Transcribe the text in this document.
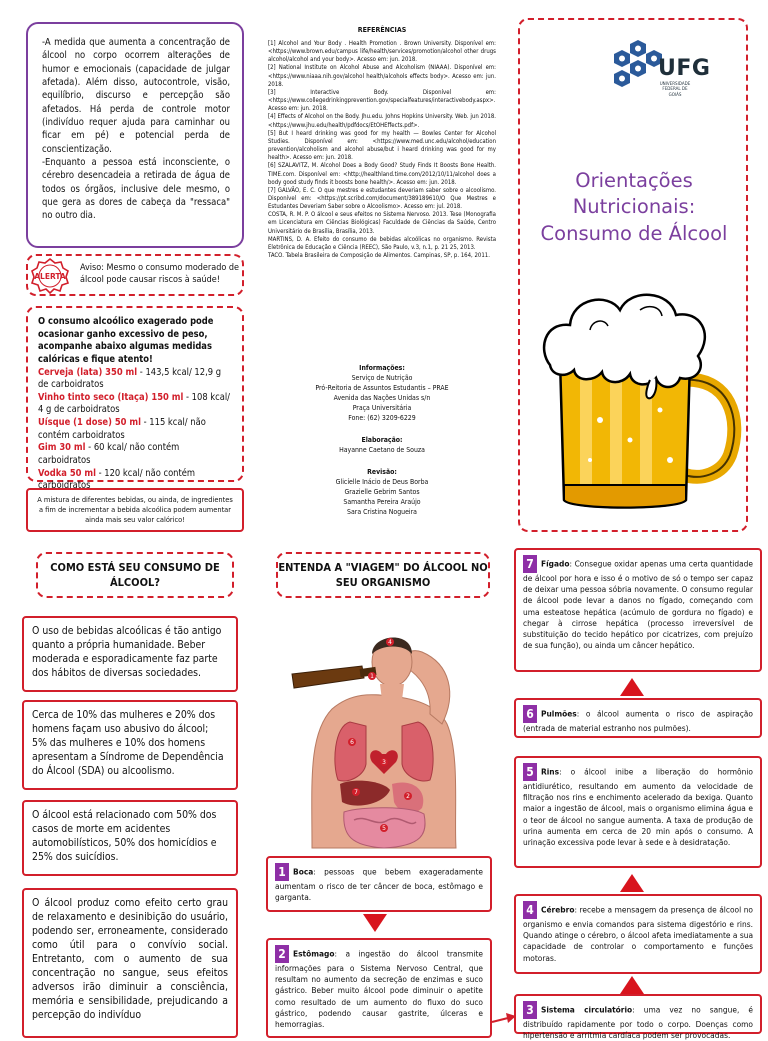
-A medida que aumenta a concentração de álcool no corpo ocorrem alterações de humor e emocionais (capacidade de julgar afetada). Além disso, autocontrole, visão, equilíbrio, discurso e percepção são afetados. Há perda de controle motor (indivíduo requer ajuda para caminhar ou ficar em pé) e potencial perda de conscientização.

-Enquanto a pessoa está inconsciente, o cérebro desencadeia a retirada de água de todos os órgãos, inclusive dele mesmo, o que gera as dores de cabeça da "ressaca" no outro dia.

ALERTA
Aviso: Mesmo o consumo moderado de álcool pode causar riscos à saúde!
O consumo alcoólico exagerado pode ocasionar ganho excessivo de peso, acompanhe abaixo algumas medidas calóricas e fique atento!
Cerveja (lata) 350 ml - 143,5 kcal/ 12,9 g de carboidratos
Vinho tinto seco (Itaça) 150 ml - 108 kcal/ 4 g de carboidratos
Uísque (1 dose) 50 ml - 115 kcal/ não contém carboidratos
Gim 30 ml - 60 kcal/ não contém carboidratos
Vodka 50 ml - 120 kcal/ não contém carboidratos
A mistura de diferentes bebidas, ou ainda, de ingredientes a fim de incrementar a bebida alcoólica podem aumentar ainda mais seu valor calórico!
REFERÊNCIAS

[1] Alcohol and Your Body . Health Promotion . Brown University. Disponível em: <https://www.brown.edu/campus life/health/services/promotion/alcohol other drugs alcohol/alcohol and your body>. Acesso em: jun. 2018.

[2] National Institute on Alcohol Abuse and Alcoholism (NIAAA). Disponível em: <https://www.niaaa.nih.gov/alcohol health/alcohols effects body>. Acesso em: jun. 2018.

[3] Interactive Body. Disponível em: <https://www.collegedrinkingprevention.gov/specialfeatures/interactivebody.aspx>. Acesso em: jun. 2018.

[4] Effects of Alcohol on the Body. Jhu.edu. Johns Hopkins University. Web. jun 2018. <https://www.jhu.edu/health/pdfdocs/EtOHEffects.pdf>.

[5] But I heard drinking was good for my health — Bowles Center for Alcohol Studies. Disponível em: <https://www.med.unc.edu/alcohol/education prevention/alcoholism and alcohol abuse/but i heard drinking was good for my health>. Acesso em: jun. 2018.

[6] SZALAVITZ, M. Alcohol Does a Body Good? Study Finds It Boosts Bone Health. TIME.com. Disponível em: <http://healthland.time.com/2012/10/11/alcohol does a body good study finds it boosts bone health/>. Acesso em: jun. 2018.

[7] GALVÃO, E. C. O que mestres e estudantes deveriam saber sobre o alcoolismo. Disponível em: <https://pt.scribd.com/document/389189610/O Que Mestres e Estudantes Deveriam Saber sobre o Alcoolismo>. Acesso em: jul. 2018.

COSTA, R. M. P. O álcool e seus efeitos no Sistema Nervoso. 2013. Tese (Monografia em Licenciatura em Ciências Biológicas) Faculdade de Ciências da Saúde, Centro Universitário de Brasília, Brasília, 2013.

MARTINS, D. A. Efeito do consumo de bebidas alcoólicas no organismo. Revista Eletrônica de Educação e Ciência (REEC), São Paulo, v.3, n.1, p. 21 25, 2013.

TACO. Tabela Brasileira de Composição de Alimentos. Campinas, SP, p. 164, 2011.

Informações:
Serviço de Nutrição
Pró-Reitoria de Assuntos Estudantis – PRAE
Avenida das Nações Unidas s/n
Praça Universitária
Fone: (62) 3209-6229
Elaboração:
Hayanne Caetano de Souza
Revisão:
Glicíelle Inácio de Deus Borba
Grazielle Gebrim Santos
Samantha Pereira Araújo
Sara Cristina Nogueira
UFG
UNIVERSIDADE FEDERAL DE GOIÁS
Orientações
Nutricionais:
Consumo de Álcool
COMO ESTÁ SEU CONSUMO DE ÁLCOOL?
O uso de bebidas alcoólicas é tão antigo quanto a própria humanidade. Beber moderada e esporadicamente faz parte dos hábitos de diversas sociedades.
Cerca de 10% das mulheres e 20% dos homens façam uso abusivo do álcool;
5% das mulheres e 10% dos homens apresentam a Síndrome de Dependência do Álcool (SDA) ou alcoolismo.
O álcool está relacionado com 50% dos casos de morte em acidentes automobilísticos, 50% dos homicídios e 25% dos suicídios.
O álcool produz como efeito certo grau de relaxamento e desinibição do usuário, podendo ser, erroneamente, considerado como útil para o convívio social. Entretanto, com o aumento de sua concentração no sangue, seus efeitos adversos irão diminuir a consciência, memória e sensibilidade, prejudicando a percepção do indivíduo
ENTENDA A "VIAGEM" DO ÁLCOOL NO SEU ORGANISMO
1
4
6
3
7
2
5
1 Boca: pessoas que bebem exageradamente aumentam o risco de ter câncer de boca, estômago e garganta.
2 Estômago: a ingestão do álcool transmite informações para o Sistema Nervoso Central, que resultam no aumento da secreção de enzimas e suco gástrico. Beber muito álcool pode diminuir o apetite como resultado de um aumento do fluxo do suco gástrico, podendo causar gastrite, úlceras e hemorragias.
7 Fígado: Consegue oxidar apenas uma certa quantidade de álcool por hora e isso é o motivo de só o tempo ser capaz de deixar uma pessoa sóbria novamente. O consumo regular de álcool pode levar a danos no fígado, começando com uma esteatose hepática (acúmulo de gordura no fígado) e chegar à cirrose hepática (processo irreversível de substituição do tecido hepático por cicatrizes, com prejuízo de sua função), ou ainda um câncer hepático.
6 Pulmões: o álcool aumenta o risco de aspiração (entrada de material estranho nos pulmões).
5 Rins: o álcool inibe a liberação do hormônio antidiurético, resultando em aumento da velocidade de filtração nos rins e enchimento acelerado da bexiga. Quanto maior a ingestão de álcool, mais o organismo elimina água e o teor de álcool no sangue aumenta. A taxa de produção de urina aumenta em cerca de 20 min após o consumo. A urinação excessiva pode levar à sede e à desidratação.
4 Cérebro: recebe a mensagem da presença de álcool no organismo e envia comandos para sistema digestório e rins. Quando atinge o cérebro, o álcool afeta imediatamente a sua capacidade de controlar o comportamento e funções motoras.
3 Sistema circulatório: uma vez no sangue, é distribuído rapidamente por todo o corpo. Doenças como hipertensão e arritmia cardíaca podem ser provocadas.
